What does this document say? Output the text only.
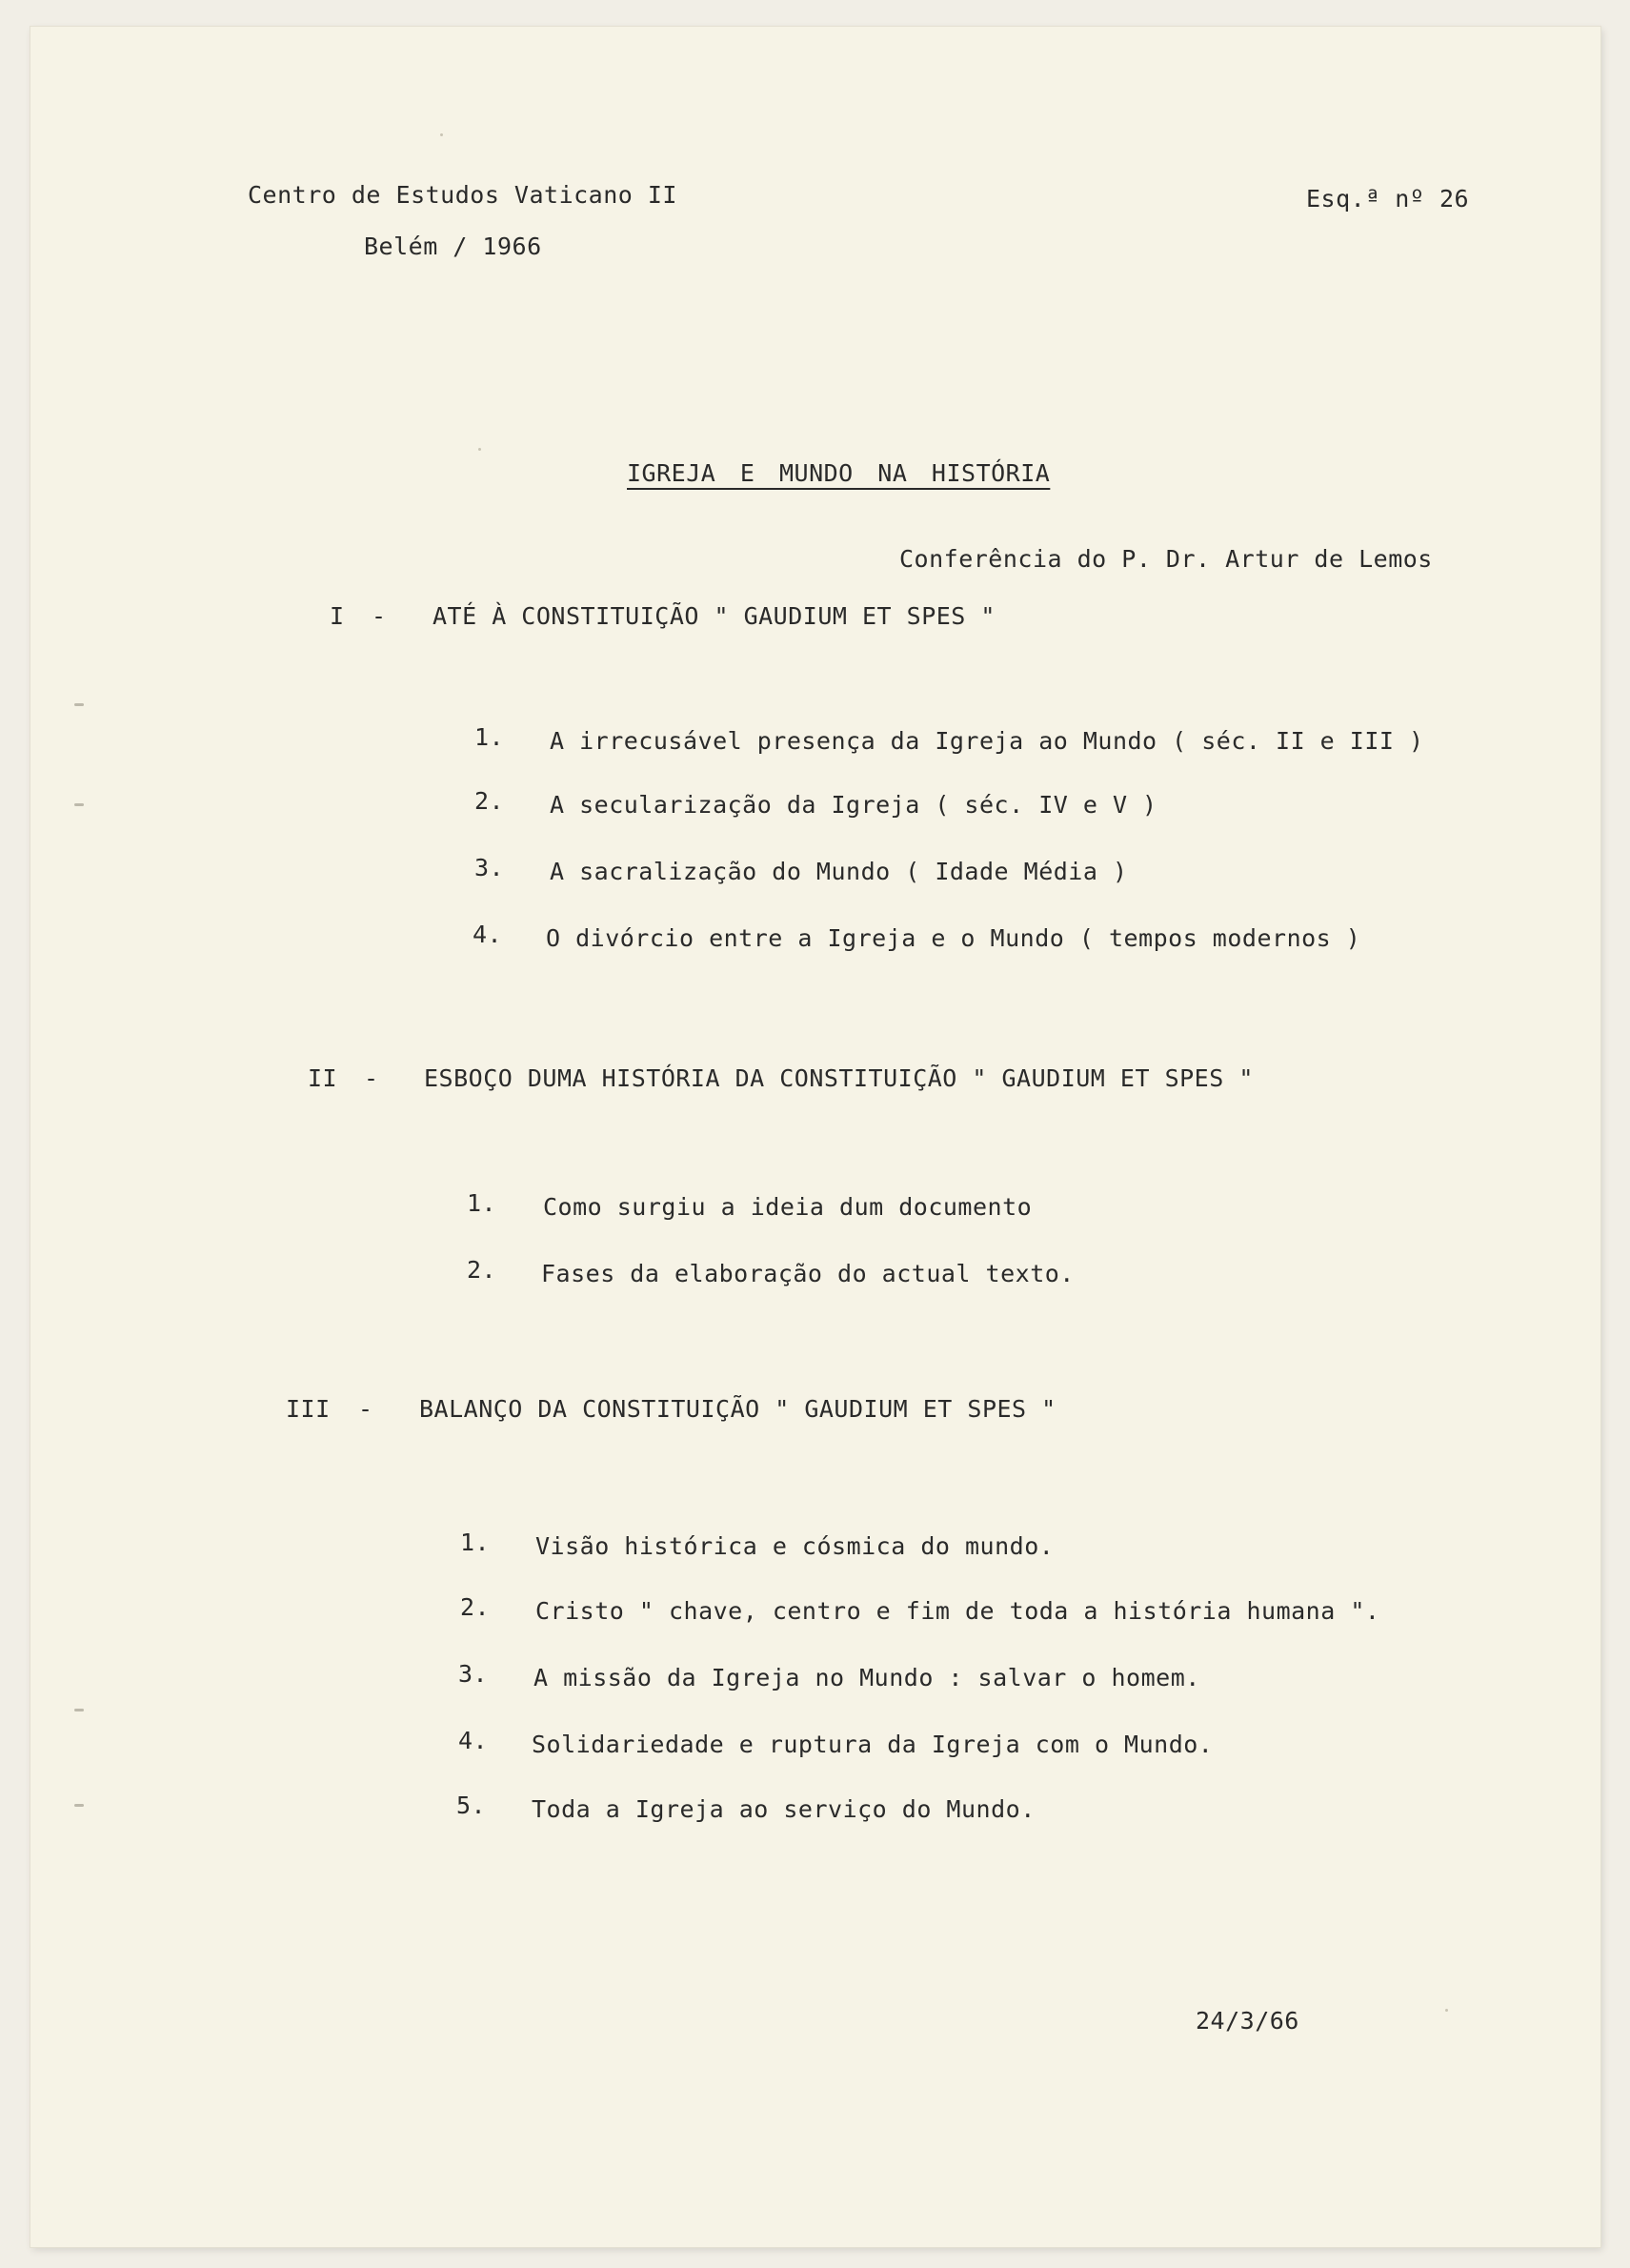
Centro de Estudos Vaticano II
Belém / 1966
Esq.ª nº 26
IGREJA E MUNDO NA HISTÓRIA
Conferência do P. Dr. Artur de Lemos
I - ATÉ À CONSTITUIÇÃO " GAUDIUM ET SPES "
1. A irrecusável presença da Igreja ao Mundo ( séc. II e III )
2. A secularização da Igreja ( séc. IV e V )
3. A sacralização do Mundo ( Idade Média )
4. O divórcio entre a Igreja e o Mundo ( tempos modernos )
II - ESBOÇO DUMA HISTÓRIA DA CONSTITUIÇÃO " GAUDIUM ET SPES "
1. Como surgiu a ideia dum documento
2. Fases da elaboração do actual texto.
III - BALANÇO DA CONSTITUIÇÃO " GAUDIUM ET SPES "
1. Visão histórica e cósmica do mundo.
2. Cristo " chave, centro e fim de toda a história humana ".
3. A missão da Igreja no Mundo : salvar o homem.
4. Solidariedade e ruptura da Igreja com o Mundo.
5. Toda a Igreja ao serviço do Mundo.
24/3/66
